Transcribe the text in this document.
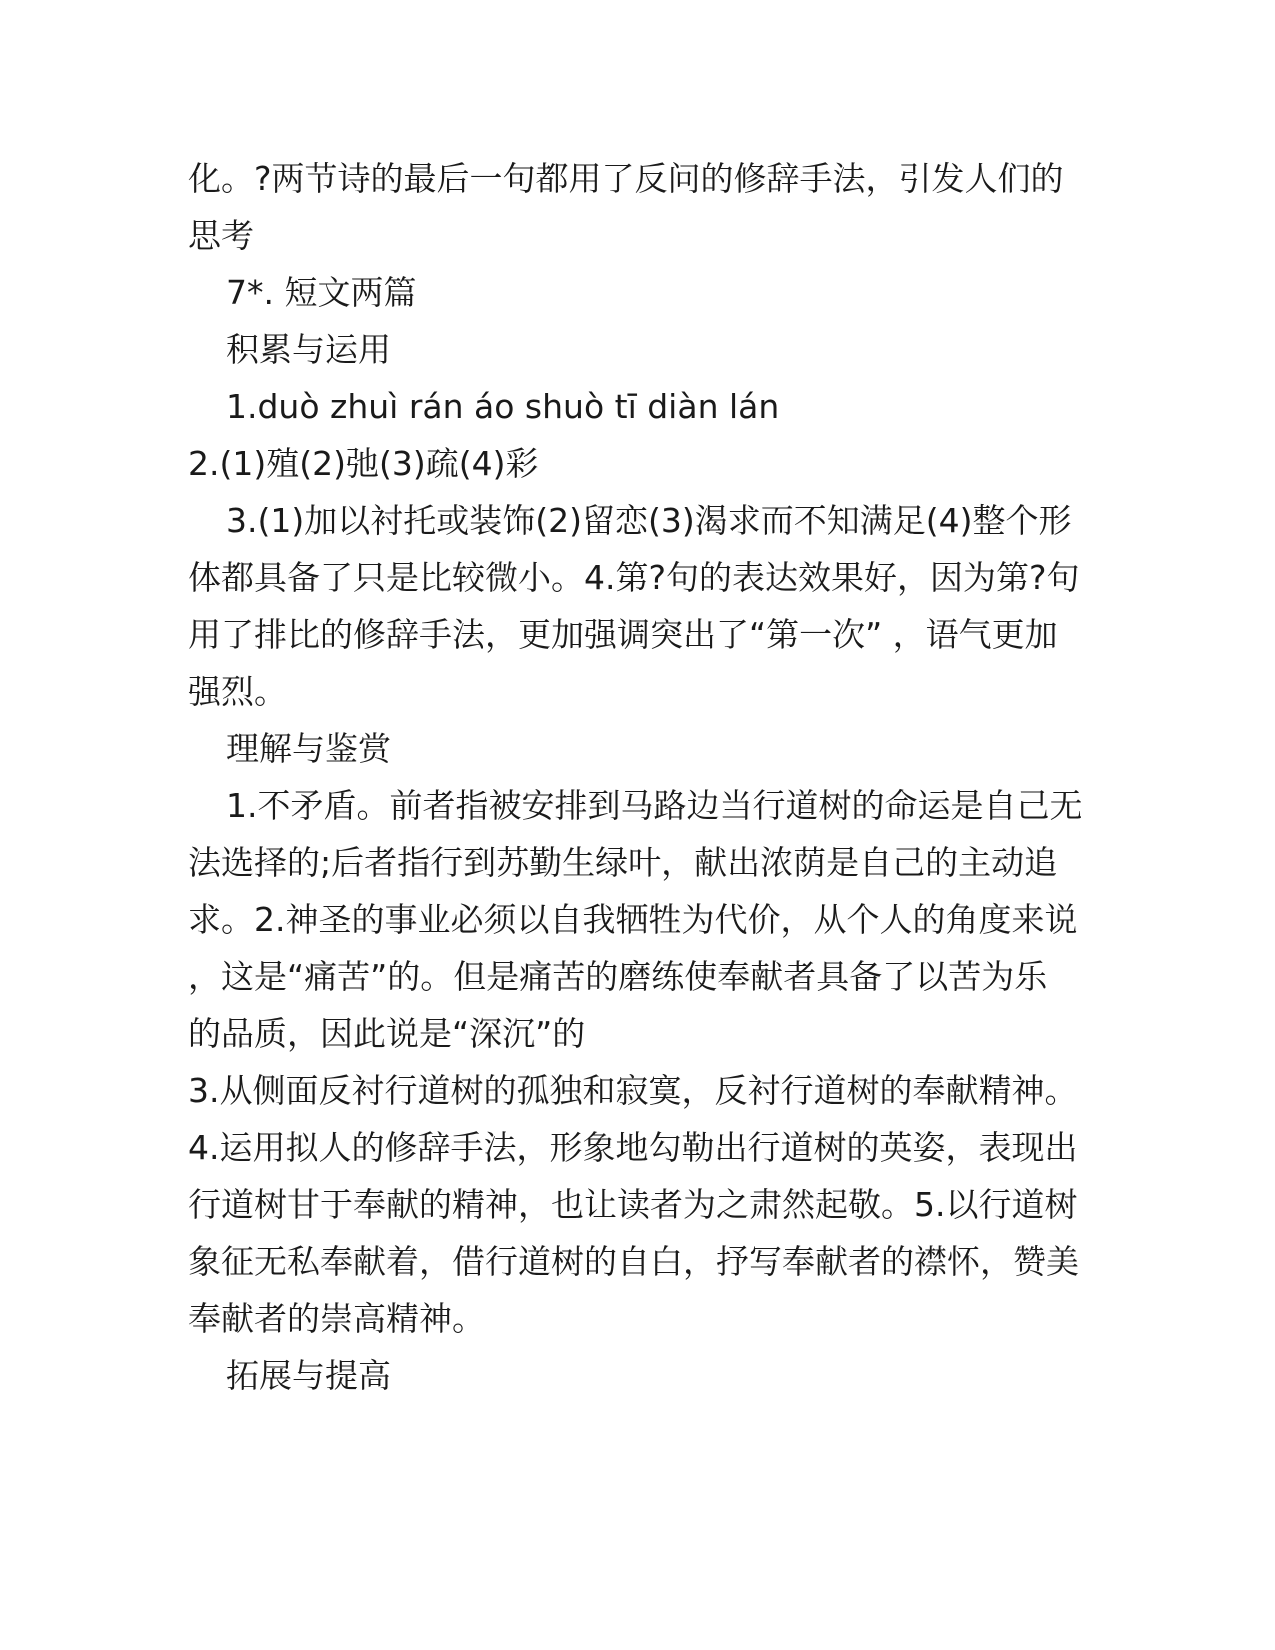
化。?两节诗的最后一句都用了反问的修辞手法，引发人们的
思考
7*. 短文两篇
积累与运用
1.duò zhuì rán áo shuò tī diàn lán
2.(1)殖(2)弛(3)疏(4)彩
3.(1)加以衬托或装饰(2)留恋(3)渴求而不知满足(4)整个形
体都具备了只是比较微小。4.第?句的表达效果好，因为第?句
用了排比的修辞手法，更加强调突出了“第一次” ，语气更加
强烈。
理解与鉴赏
1.不矛盾。前者指被安排到马路边当行道树的命运是自己无
法选择的;后者指行到苏勤生绿叶，献出浓荫是自己的主动追
求。2.神圣的事业必须以自我牺牲为代价，从个人的角度来说
，这是“痛苦”的。但是痛苦的磨练使奉献者具备了以苦为乐
的品质，因此说是“深沉”的
3.从侧面反衬行道树的孤独和寂寞，反衬行道树的奉献精神。
4.运用拟人的修辞手法，形象地勾勒出行道树的英姿，表现出
行道树甘于奉献的精神，也让读者为之肃然起敬。5.以行道树
象征无私奉献着，借行道树的自白，抒写奉献者的襟怀，赞美
奉献者的崇高精神。
拓展与提高
